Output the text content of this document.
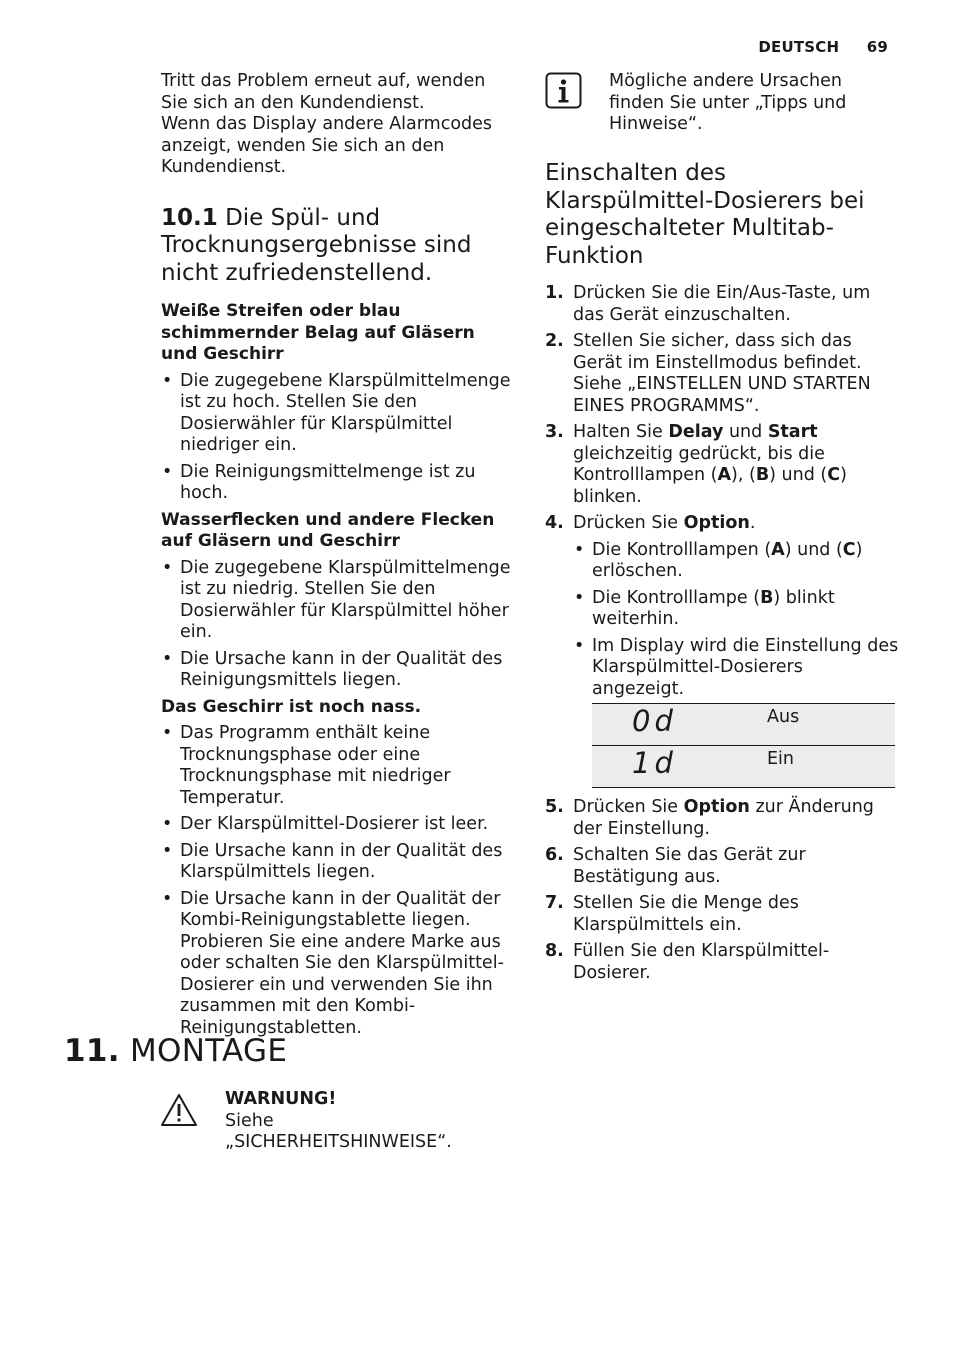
DEUTSCH 69

Tritt das Problem erneut auf, wenden Sie sich an den Kundendienst.

Wenn das Display andere Alarmcodes anzeigt, wenden Sie sich an den Kundendienst.

10.1 Die Spül- und Trocknungsergebnisse sind nicht zufriedenstellend.
Weiße Streifen oder blau schimmernder Belag auf Gläsern und Geschirr
• Die zugegebene Klarspülmittelmenge ist zu hoch. Stellen Sie den Dosierwähler für Klarspülmittel niedriger ein.
• Die Reinigungsmittelmenge ist zu hoch.
Wasserflecken und andere Flecken auf Gläsern und Geschirr
• Die zugegebene Klarspülmittelmenge ist zu niedrig. Stellen Sie den Dosierwähler für Klarspülmittel höher ein.
• Die Ursache kann in der Qualität des Reinigungsmittels liegen.
Das Geschirr ist noch nass.
• Das Programm enthält keine Trocknungsphase oder eine Trocknungsphase mit niedriger Temperatur.
• Der Klarspülmittel-Dosierer ist leer.
• Die Ursache kann in der Qualität des Klarspülmittels liegen.
• Die Ursache kann in der Qualität der Kombi-Reinigungstablette liegen. Probieren Sie eine andere Marke aus oder schalten Sie den Klarspülmittel-Dosierer ein und verwenden Sie ihn zusammen mit den Kombi-Reinigungstabletten.
Mögliche andere Ursachen finden Sie unter „Tipps und Hinweise“.
Einschalten des Klarspülmittel-Dosierers bei eingeschalteter Multitab-Funktion
1. Drücken Sie die Ein/Aus-Taste, um das Gerät einzuschalten.
2. Stellen Sie sicher, dass sich das Gerät im Einstellmodus befindet. Siehe „EINSTELLEN UND STARTEN EINES PROGRAMMS“.
3. Halten Sie Delay und Start gleichzeitig gedrückt, bis die Kontrolllampen (A), (B) und (C) blinken.
4. Drücken Sie Option.
• Die Kontrolllampen (A) und (C) erlöschen.
• Die Kontrolllampe (B) blinkt weiterhin.
• Im Display wird die Einstellung des Klarspülmittel-Dosierers angezeigt.
0d	Aus
1d	Ein
5. Drücken Sie Option zur Änderung der Einstellung.
6. Schalten Sie das Gerät zur Bestätigung aus.
7. Stellen Sie die Menge des Klarspülmittels ein.
8. Füllen Sie den Klarspülmittel-Dosierer.
11. MONTAGE
WARNUNG!
Siehe „SICHERHEITSHINWEISE“.
